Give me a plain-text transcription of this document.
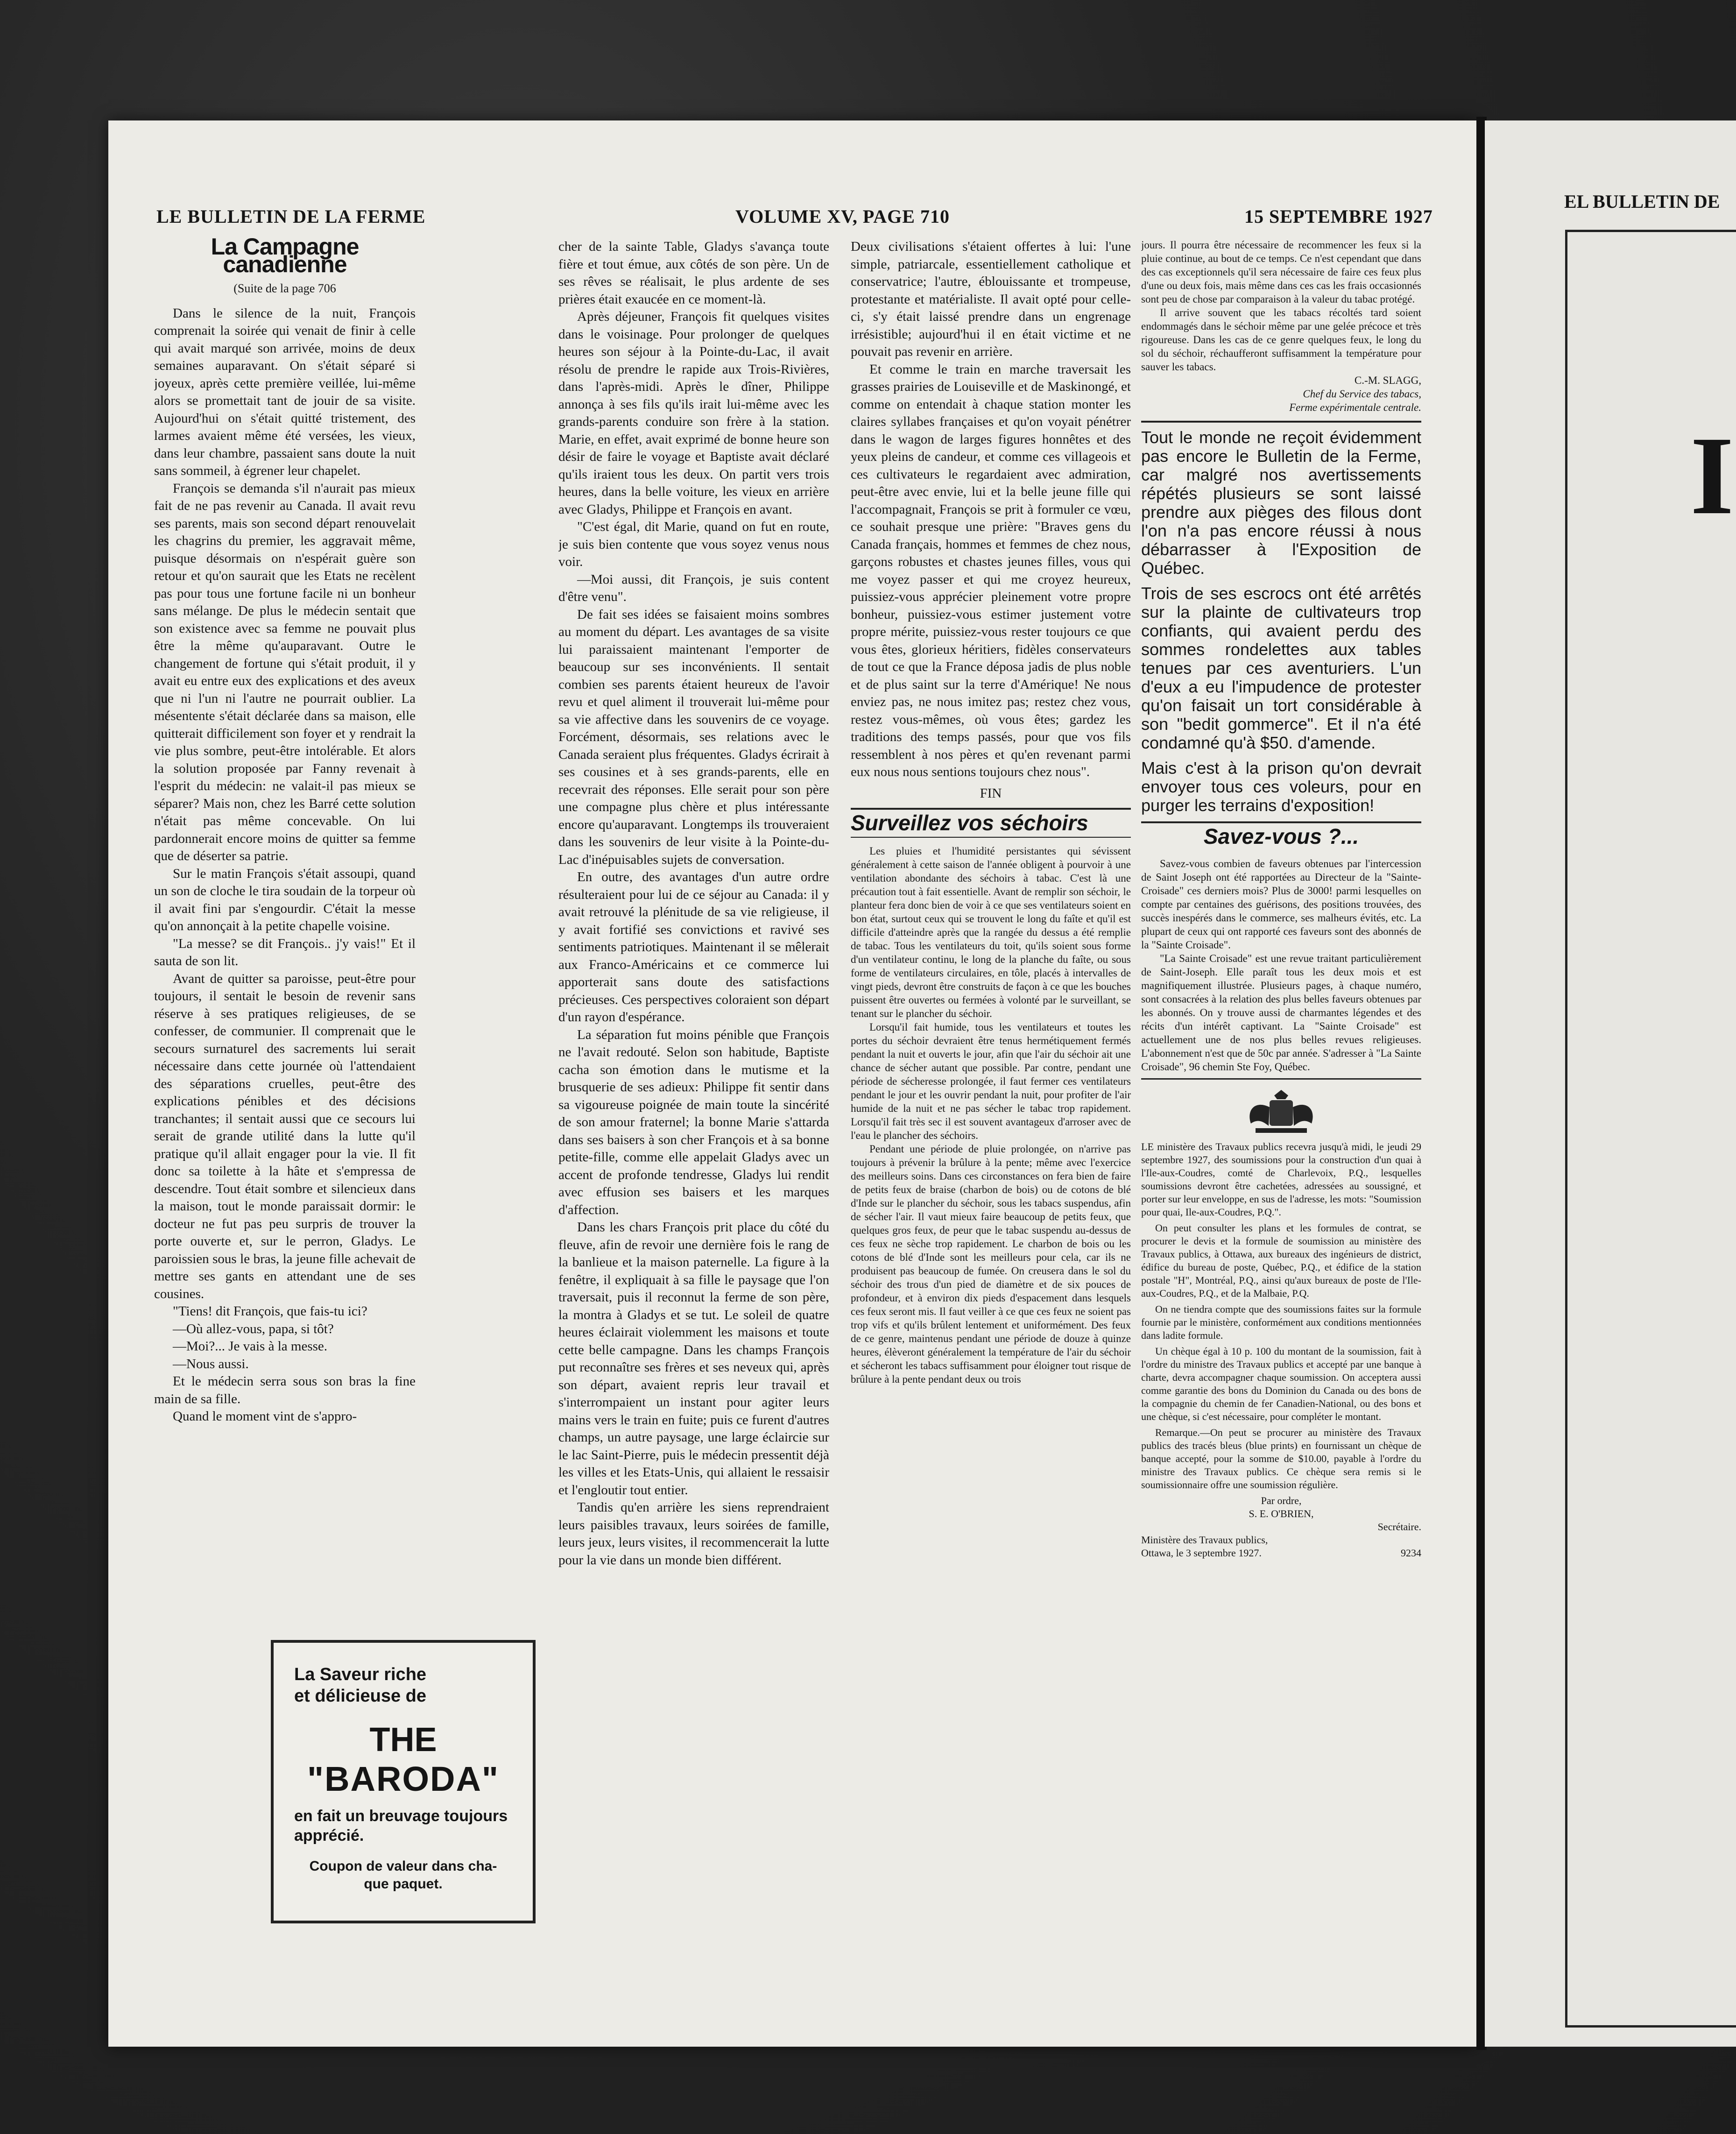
EL BULLETIN DE
I
LE BULLETIN DE LA FERME	VOLUME XV, PAGE 710	15 SEPTEMBRE 1927
La Campagne canadienne
(Suite de la page 706

Dans le silence de la nuit, François comprenait la soirée qui venait de finir à celle qui avait marqué son arrivée, moins de deux semaines auparavant. On s'était séparé si joyeux, après cette première veillée, lui-même alors se promettait tant de jouir de sa visite. Aujourd'hui on s'était quitté tristement, des larmes avaient même été versées, les vieux, dans leur chambre, passaient sans doute la nuit sans sommeil, à égrener leur chapelet.

François se demanda s'il n'aurait pas mieux fait de ne pas revenir au Canada. Il avait revu ses parents, mais son second départ renouvelait les chagrins du premier, les aggravait même, puisque désormais on n'espérait guère son retour et qu'on saurait que les Etats ne recèlent pas pour tous une fortune facile ni un bonheur sans mélange. De plus le médecin sentait que son existence avec sa femme ne pouvait plus être la même qu'auparavant. Outre le changement de fortune qui s'était produit, il y avait eu entre eux des explications et des aveux que ni l'un ni l'autre ne pourrait oublier. La mésentente s'était déclarée dans sa maison, elle quitterait difficilement son foyer et y rendrait la vie plus sombre, peut-être intolérable. Et alors la solution proposée par Fanny revenait à l'esprit du médecin: ne valait-il pas mieux se séparer? Mais non, chez les Barré cette solution n'était pas même concevable. On lui pardonnerait encore moins de quitter sa femme que de déserter sa patrie.

Sur le matin François s'était assoupi, quand un son de cloche le tira soudain de la torpeur où il avait fini par s'engourdir. C'était la messe qu'on annonçait à la petite chapelle voisine.

"La messe? se dit François.. j'y vais!" Et il sauta de son lit.

Avant de quitter sa paroisse, peut-être pour toujours, il sentait le besoin de revenir sans réserve à ses pratiques religieuses, de se confesser, de communier. Il comprenait que le secours surnaturel des sacrements lui serait nécessaire dans cette journée où l'attendaient des séparations cruelles, peut-être des explications pénibles et des décisions tranchantes; il sentait aussi que ce secours lui serait de grande utilité dans la lutte qu'il pratique qu'il allait engager pour la vie. Il fit donc sa toilette à la hâte et s'empressa de descendre. Tout était sombre et silencieux dans la maison, tout le monde paraissait dormir: le docteur ne fut pas peu surpris de trouver la porte ouverte et, sur le perron, Gladys. Le paroissien sous le bras, la jeune fille achevait de mettre ses gants en attendant une de ses cousines.

"Tiens! dit François, que fais-tu ici?

—Où allez-vous, papa, si tôt?

—Moi?... Je vais à la messe.

—Nous aussi.

Et le médecin serra sous son bras la fine main de sa fille.

Quand le moment vint de s'appro-

La Saveur riche
et délicieuse de
THE
"BARODA"
en fait un breuvage toujours
apprécié.
Coupon de valeur dans cha-
que paquet.

cher de la sainte Table, Gladys s'avança toute fière et tout émue, aux côtés de son père. Un de ses rêves se réalisait, le plus ardente de ses prières était exaucée en ce moment-là.

Après déjeuner, François fit quelques visites dans le voisinage. Pour prolonger de quelques heures son séjour à la Pointe-du-Lac, il avait résolu de prendre le rapide aux Trois-Rivières, dans l'après-midi. Après le dîner, Philippe annonça à ses fils qu'ils irait lui-même avec les grands-parents conduire son frère à la station. Marie, en effet, avait exprimé de bonne heure son désir de faire le voyage et Baptiste avait déclaré qu'ils iraient tous les deux. On partit vers trois heures, dans la belle voiture, les vieux en arrière avec Gladys, Philippe et François en avant.

"C'est égal, dit Marie, quand on fut en route, je suis bien contente que vous soyez venus nous voir.

—Moi aussi, dit François, je suis content d'être venu".

De fait ses idées se faisaient moins sombres au moment du départ. Les avantages de sa visite lui paraissaient maintenant l'emporter de beaucoup sur ses inconvénients. Il sentait combien ses parents étaient heureux de l'avoir revu et quel aliment il trouverait lui-même pour sa vie affective dans les souvenirs de ce voyage. Forcément, désormais, ses relations avec le Canada seraient plus fréquentes. Gladys écrirait à ses cousines et à ses grands-parents, elle en recevrait des réponses. Elle serait pour son père une compagne plus chère et plus intéressante encore qu'auparavant. Longtemps ils trouveraient dans les souvenirs de leur visite à la Pointe-du-Lac d'inépuisables sujets de conversation.

En outre, des avantages d'un autre ordre résulteraient pour lui de ce séjour au Canada: il y avait retrouvé la plénitude de sa vie religieuse, il y avait fortifié ses convictions et ravivé ses sentiments patriotiques. Maintenant il se mêlerait aux Franco-Américains et ce commerce lui apporterait sans doute des satisfactions précieuses. Ces perspectives coloraient son départ d'un rayon d'espérance.

La séparation fut moins pénible que François ne l'avait redouté. Selon son habitude, Baptiste cacha son émotion dans le mutisme et la brusquerie de ses adieux: Philippe fit sentir dans sa vigoureuse poignée de main toute la sincérité de son amour fraternel; la bonne Marie s'attarda dans ses baisers à son cher François et à sa bonne petite-fille, comme elle appelait Gladys avec un accent de profonde tendresse, Gladys lui rendit avec effusion ses baisers et les marques d'affection.

Dans les chars François prit place du côté du fleuve, afin de revoir une dernière fois le rang de la banlieue et la maison paternelle. La figure à la fenêtre, il expliquait à sa fille le paysage que l'on traversait, puis il reconnut la ferme de son père, la montra à Gladys et se tut. Le soleil de quatre heures éclairait violemment les maisons et toute cette belle campagne. Dans les champs François put reconnaître ses frères et ses neveux qui, après son départ, avaient repris leur travail et s'interrompaient un instant pour agiter leurs mains vers le train en fuite; puis ce furent d'autres champs, un autre paysage, une large éclaircie sur le lac Saint-Pierre, puis le médecin pressentit déjà les villes et les Etats-Unis, qui allaient le ressaisir et l'engloutir tout entier.

Tandis qu'en arrière les siens reprendraient leurs paisibles travaux, leurs soirées de famille, leurs jeux, leurs visites, il recommencerait la lutte pour la vie dans un monde bien différent.

Deux civilisations s'étaient offertes à lui: l'une simple, patriarcale, essentiellement catholique et conservatrice; l'autre, éblouissante et trompeuse, protestante et matérialiste. Il avait opté pour celle-ci, s'y était laissé prendre dans un engrenage irrésistible; aujourd'hui il en était victime et ne pouvait pas revenir en arrière.

Et comme le train en marche traversait les grasses prairies de Louiseville et de Maskinongé, et comme on entendait à chaque station monter les claires syllabes françaises et qu'on voyait pénétrer dans le wagon de larges figures honnêtes et des yeux pleins de candeur, et comme ces villageois et ces cultivateurs le regardaient avec admiration, peut-être avec envie, lui et la belle jeune fille qui l'accompagnait, François se prit à formuler ce vœu, ce souhait presque une prière: "Braves gens du Canada français, hommes et femmes de chez nous, garçons robustes et chastes jeunes filles, vous qui me voyez passer et qui me croyez heureux, puissiez-vous apprécier pleinement votre propre bonheur, puissiez-vous estimer justement votre propre mérite, puissiez-vous rester toujours ce que vous êtes, glorieux héritiers, fidèles conservateurs de tout ce que la France déposa jadis de plus noble et de plus saint sur la terre d'Amérique! Ne nous enviez pas, ne nous imitez pas; restez chez vous, restez vous-mêmes, où vous êtes; gardez les traditions des temps passés, pour que vos fils ressemblent à nos pères et qu'en revenant parmi eux nous nous sentions toujours chez nous".

FIN
Surveillez vos séchoirs

Les pluies et l'humidité persistantes qui sévissent généralement à cette saison de l'année obligent à pourvoir à une ventilation abondante des séchoirs à tabac. C'est là une précaution tout à fait essentielle. Avant de remplir son séchoir, le planteur fera donc bien de voir à ce que ses ventilateurs soient en bon état, surtout ceux qui se trouvent le long du faîte et qu'il est difficile d'atteindre après que la rangée du dessus a été remplie de tabac. Tous les ventilateurs du toit, qu'ils soient sous forme d'un ventilateur continu, le long de la planche du faîte, ou sous forme de ventilateurs circulaires, en tôle, placés à intervalles de vingt pieds, devront être construits de façon à ce que les bouches puissent être ouvertes ou fermées à volonté par le surveillant, se tenant sur le plancher du séchoir.

Lorsqu'il fait humide, tous les ventilateurs et toutes les portes du séchoir devraient être tenus hermétiquement fermés pendant la nuit et ouverts le jour, afin que l'air du séchoir ait une chance de sécher autant que possible. Par contre, pendant une période de sécheresse prolongée, il faut fermer ces ventilateurs pendant le jour et les ouvrir pendant la nuit, pour profiter de l'air humide de la nuit et ne pas sécher le tabac trop rapidement. Lorsqu'il fait très sec il est souvent avantageux d'arroser avec de l'eau le plancher des séchoirs.

Pendant une période de pluie prolongée, on n'arrive pas toujours à prévenir la brûlure à la pente; même avec l'exercice des meilleurs soins. Dans ces circonstances on fera bien de faire de petits feux de braise (charbon de bois) ou de cotons de blé d'Inde sur le plancher du séchoir, sous les tabacs suspendus, afin de sécher l'air. Il vaut mieux faire beaucoup de petits feux, que quelques gros feux, de peur que le tabac suspendu au-dessus de ces feux ne sèche trop rapidement. Le charbon de bois ou les cotons de blé d'Inde sont les meilleurs pour cela, car ils ne produisent pas beaucoup de fumée. On creusera dans le sol du séchoir des trous d'un pied de diamètre et de six pouces de profondeur, et à environ dix pieds d'espacement dans lesquels ces feux seront mis. Il faut veiller à ce que ces feux ne soient pas trop vifs et qu'ils brûlent lentement et uniformément. Des feux de ce genre, maintenus pendant une période de douze à quinze heures, élèveront généralement la température de l'air du séchoir et sécheront les tabacs suffisamment pour éloigner tout risque de brûlure à la pente pendant deux ou trois

jours. Il pourra être nécessaire de recommencer les feux si la pluie continue, au bout de ce temps. Ce n'est cependant que dans des cas exceptionnels qu'il sera nécessaire de faire ces feux plus d'une ou deux fois, mais même dans ces cas les frais occasionnés sont peu de chose par comparaison à la valeur du tabac protégé.

Il arrive souvent que les tabacs récoltés tard soient endommagés dans le séchoir même par une gelée précoce et très rigoureuse. Dans les cas de ce genre quelques feux, le long du sol du séchoir, réchaufferont suffisamment la température pour sauver les tabacs.

C.-M. SLAGG,
Chef du Service des tabacs,
Ferme expérimentale centrale.

Tout le monde ne reçoit évidemment pas encore le Bulletin de la Ferme, car malgré nos avertissements répétés plusieurs se sont laissé prendre aux pièges des filous dont l'on n'a pas encore réussi à nous débarrasser à l'Exposition de Québec.

Trois de ses escrocs ont été arrêtés sur la plainte de cultivateurs trop confiants, qui avaient perdu des sommes rondelettes aux tables tenues par ces aventuriers. L'un d'eux a eu l'impudence de protester qu'on faisait un tort considérable à son "bedit gommerce". Et il n'a été condamné qu'à $50. d'amende.

Mais c'est à la prison qu'on devrait envoyer tous ces voleurs, pour en purger les terrains d'exposition!

Savez-vous ?...

Savez-vous combien de faveurs obtenues par l'intercession de Saint Joseph ont été rapportées au Directeur de la "Sainte-Croisade" ces derniers mois? Plus de 3000! parmi lesquelles on compte par centaines des guérisons, des positions trouvées, des succès inespérés dans le commerce, ses malheurs évités, etc. La plupart de ceux qui ont rapporté ces faveurs sont des abonnés de la "Sainte Croisade".

"La Sainte Croisade" est une revue traitant particulièrement de Saint-Joseph. Elle paraît tous les deux mois et est magnifiquement illustrée. Plusieurs pages, à chaque numéro, sont consacrées à la relation des plus belles faveurs obtenues par les abonnés. On y trouve aussi de charmantes légendes et des récits d'un intérêt captivant. La "Sainte Croisade" est actuellement une de nos plus belles revues religieuses. L'abonnement n'est que de 50c par année. S'adresser à "La Sainte Croisade", 96 chemin Ste Foy, Québec.

LE ministère des Travaux publics recevra jusqu'à midi, le jeudi 29 septembre 1927, des soumissions pour la construction d'un quai à l'Ile-aux-Coudres, comté de Charlevoix, P.Q., lesquelles soumissions devront être cachetées, adressées au soussigné, et porter sur leur enveloppe, en sus de l'adresse, les mots: "Soumission pour quai, Ile-aux-Coudres, P.Q.".

On peut consulter les plans et les formules de contrat, se procurer le devis et la formule de soumission au ministère des Travaux publics, à Ottawa, aux bureaux des ingénieurs de district, édifice du bureau de poste, Québec, P.Q., et édifice de la station postale "H", Montréal, P.Q., ainsi qu'aux bureaux de poste de l'Ile-aux-Coudres, P.Q., et de la Malbaie, P.Q.

On ne tiendra compte que des soumissions faites sur la formule fournie par le ministère, conformément aux conditions mentionnées dans ladite formule.

Un chèque égal à 10 p. 100 du montant de la soumission, fait à l'ordre du ministre des Travaux publics et accepté par une banque à charte, devra accompagner chaque soumission. On acceptera aussi comme garantie des bons du Dominion du Canada ou des bons de la compagnie du chemin de fer Canadien-National, ou des bons et une chèque, si c'est nécessaire, pour compléter le montant.

Remarque.—On peut se procurer au ministère des Travaux publics des tracés bleus (blue prints) en fournissant un chèque de banque accepté, pour la somme de $10.00, payable à l'ordre du ministre des Travaux publics. Ce chèque sera remis si le soumissionnaire offre une soumission régulière.

Par ordre,
S. E. O'BRIEN,
Secrétaire.
Ministère des Travaux publics,
Ottawa, le 3 septembre 1927.	9234
